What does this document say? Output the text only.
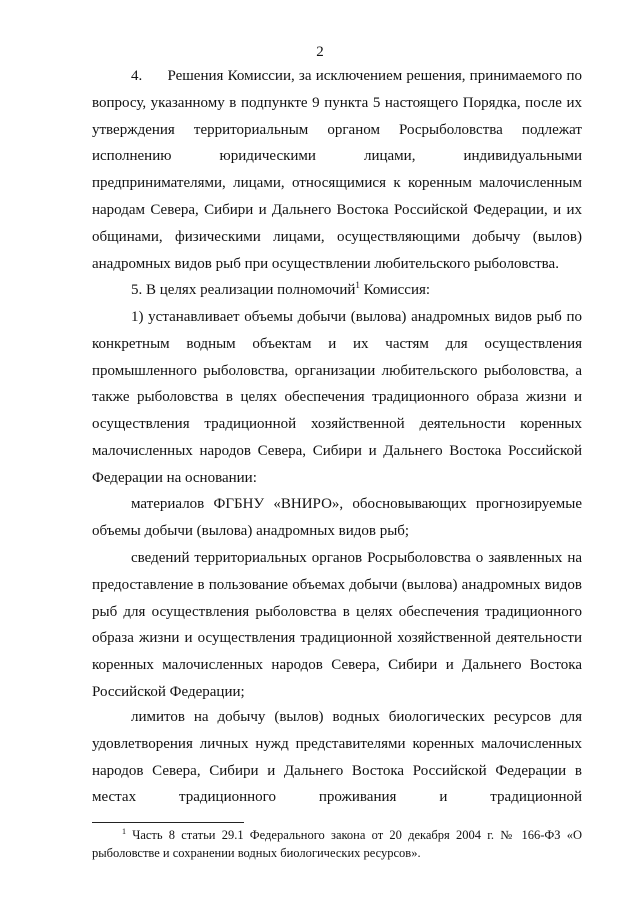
2

4.      Решения Комиссии, за исключением решения, принимаемого по вопросу, указанному в подпункте 9 пункта 5 настоящего Порядка, после их утверждения территориальным органом Росрыболовства подлежат исполнению юридическими лицами, индивидуальными предпринимателями, лицами, относящимися к коренным малочисленным народам Севера, Сибири и Дальнего Востока Российской Федерации, и их общинами, физическими лицами, осуществляющими добычу (вылов) анадромных видов рыб при осуществлении любительского рыболовства.

5. В целях реализации полномочий$^1$ Комиссия:

1) устанавливает объемы добычи (вылова) анадромных видов рыб по конкретным водным объектам и их частям для осуществления промышленного рыболовства, организации любительского рыболовства, а также рыболовства в целях обеспечения традиционного образа жизни и осуществления традиционной хозяйственной деятельности коренных малочисленных народов Севера, Сибири и Дальнего Востока Российской Федерации на основании:

материалов ФГБНУ «ВНИРО», обосновывающих прогнозируемые объемы добычи (вылова) анадромных видов рыб;

сведений территориальных органов Росрыболовства о заявленных на предоставление в пользование объемах добычи (вылова) анадромных видов рыб для осуществления рыболовства в целях обеспечения традиционного образа жизни и осуществления традиционной хозяйственной деятельности коренных малочисленных народов Севера, Сибири и Дальнего Востока Российской Федерации;

лимитов на добычу (вылов) водных биологических ресурсов для удовлетворения личных нужд представителями коренных малочисленных народов Севера, Сибири и Дальнего Востока Российской Федерации в местах традиционного проживания и традиционной

$^1$ Часть 8 статьи 29.1 Федерального закона от 20 декабря 2004 г. № 166-ФЗ «О рыболовстве и сохранении водных биологических ресурсов».
